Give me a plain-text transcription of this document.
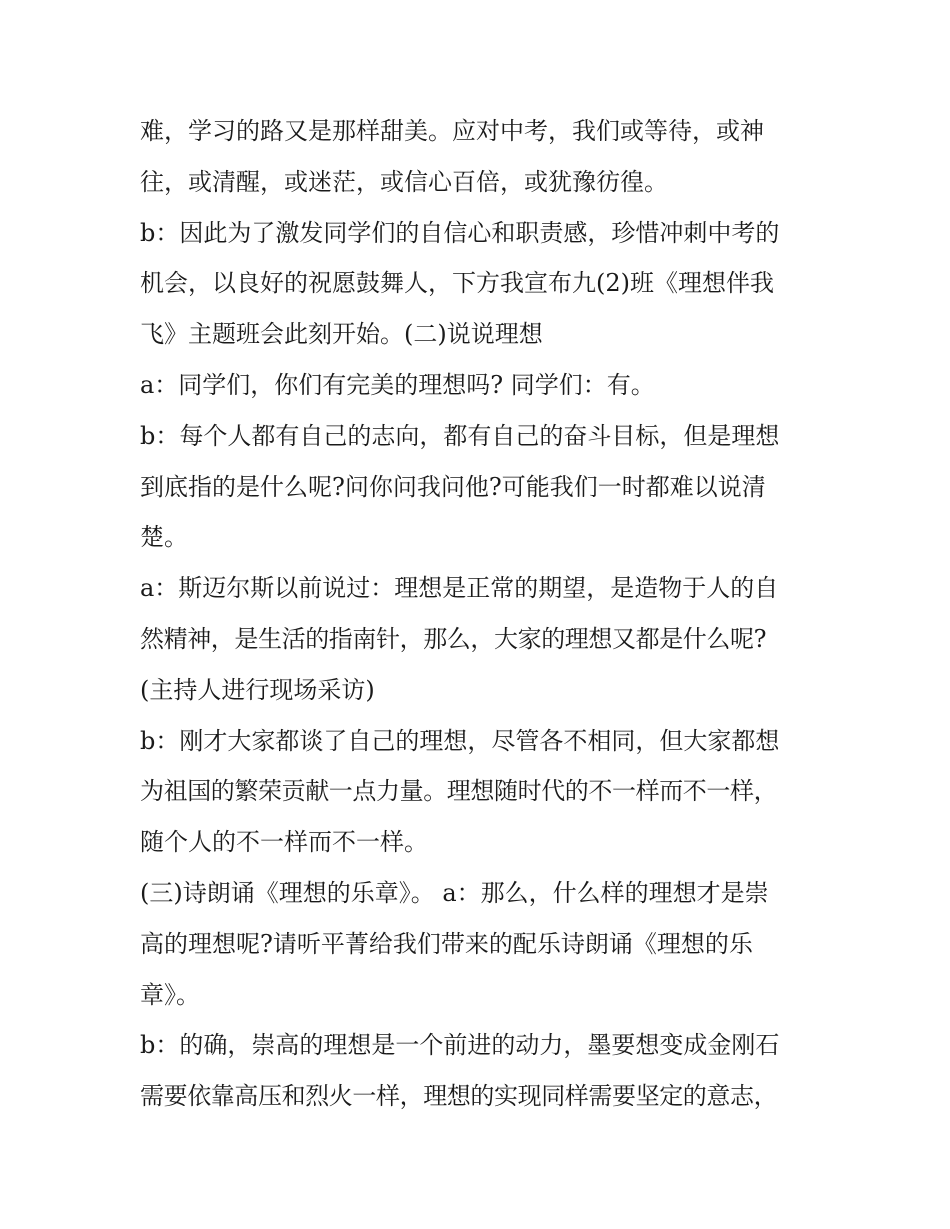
难，学习的路又是那样甜美。应对中考，我们或等待，或神
往，或清醒，或迷茫，或信心百倍，或犹豫彷徨。
b：因此为了激发同学们的自信心和职责感，珍惜冲刺中考的
机会，以良好的祝愿鼓舞人，下方我宣布九(2)班《理想伴我
飞》主题班会此刻开始。(二)说说理想
a：同学们，你们有完美的理想吗? 同学们：有。
b：每个人都有自己的志向，都有自己的奋斗目标，但是理想
到底指的是什么呢?问你问我问他?可能我们一时都难以说清
楚。
a：斯迈尔斯以前说过：理想是正常的期望，是造物于人的自
然精神，是生活的指南针，那么，大家的理想又都是什么呢?
(主持人进行现场采访)
b：刚才大家都谈了自己的理想，尽管各不相同，但大家都想
为祖国的繁荣贡献一点力量。理想随时代的不一样而不一样，
随个人的不一样而不一样。
(三)诗朗诵《理想的乐章》。 a：那么，什么样的理想才是崇
高的理想呢?请听平菁给我们带来的配乐诗朗诵《理想的乐
章》。
b：的确，崇高的理想是一个前进的动力，墨要想变成金刚石
需要依靠高压和烈火一样，理想的实现同样需要坚定的意志，
